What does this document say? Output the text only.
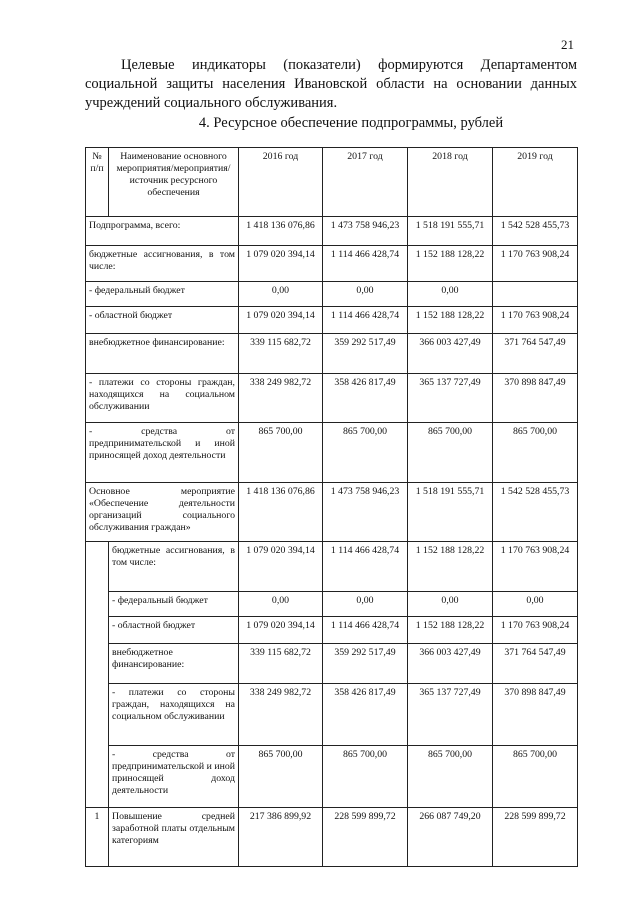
21

Целевые индикаторы (показатели) формируются Департаментом социальной защиты населения Ивановской области на основании данных учреждений социального обслуживания.

4. Ресурсное обеспечение подпрограммы, рублей

№ п/п	Наименование основного мероприятия/мероприятия/ источник ресурсного обеспечения	2016 год	2017 год	2018 год	2019 год
Подпрограмма, всего:		1 418 136 076,86	1 473 758 946,23	1 518 191 555,71	1 542 528 455,73
бюджетные ассигнования, в том числе:		1 079 020 394,14	1 114 466 428,74	1 152 188 128,22	1 170 763 908,24
- федеральный бюджет		0,00	0,00	0,00	
- областной бюджет		1 079 020 394,14	1 114 466 428,74	1 152 188 128,22	1 170 763 908,24
внебюджетное финансирование:		339 115 682,72	359 292 517,49	366 003 427,49	371 764 547,49
- платежи со стороны граждан, находящихся на социальном обслуживании		338 249 982,72	358 426 817,49	365 137 727,49	370 898 847,49
- средства от предпринимательской и иной приносящей доход деятельности		865 700,00	865 700,00	865 700,00	865 700,00
Основное мероприятие «Обеспечение деятельности организаций социального обслуживания граждан»		1 418 136 076,86	1 473 758 946,23	1 518 191 555,71	1 542 528 455,73
	бюджетные ассигнования, в том числе:	1 079 020 394,14	1 114 466 428,74	1 152 188 128,22	1 170 763 908,24
	- федеральный бюджет	0,00	0,00	0,00	0,00
	- областной бюджет	1 079 020 394,14	1 114 466 428,74	1 152 188 128,22	1 170 763 908,24
	внебюджетное финансирование:	339 115 682,72	359 292 517,49	366 003 427,49	371 764 547,49
	- платежи со стороны граждан, находящихся на социальном обслуживании	338 249 982,72	358 426 817,49	365 137 727,49	370 898 847,49
	- средства от предпринимательской и иной приносящей доход деятельности	865 700,00	865 700,00	865 700,00	865 700,00
1	Повышение средней заработной платы отдельным категориям	217 386 899,92	228 599 899,72	266 087 749,20	228 599 899,72
